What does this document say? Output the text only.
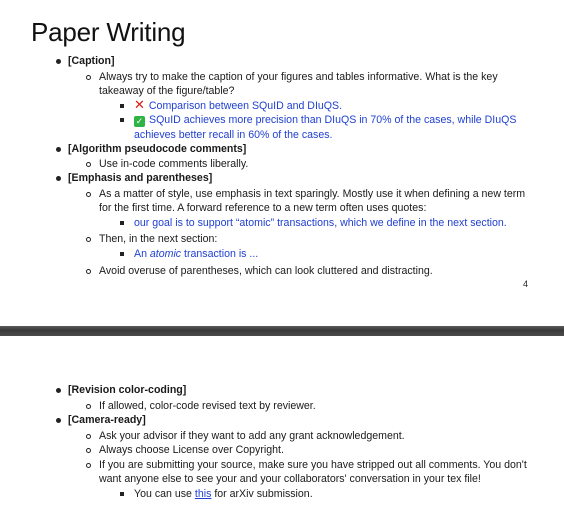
Paper Writing
[Caption]
Always try to make the caption of your figures and tables informative. What is the key takeaway of the figure/table?
✕ Comparison between SQuID and DIuQS.
✓ SQuID achieves more precision than DIuQS in 70% of the cases, while DIuQS achieves better recall in 60% of the cases.
[Algorithm pseudocode comments]
Use in-code comments liberally.
[Emphasis and parentheses]
As a matter of style, use emphasis in text sparingly. Mostly use it when defining a new term for the first time. A forward reference to a new term often uses quotes:
our goal is to support “atomic” transactions, which we define in the next section.
Then, in the next section:
An atomic transaction is ...
Avoid overuse of parentheses, which can look cluttered and distracting.
4
[Revision color-coding]
If allowed, color-code revised text by reviewer.
[Camera-ready]
Ask your advisor if they want to add any grant acknowledgement.
Always choose License over Copyright.
If you are submitting your source, make sure you have stripped out all comments. You don't want anyone else to see your and your collaborators' conversation in your tex file!
You can use this for arXiv submission.
